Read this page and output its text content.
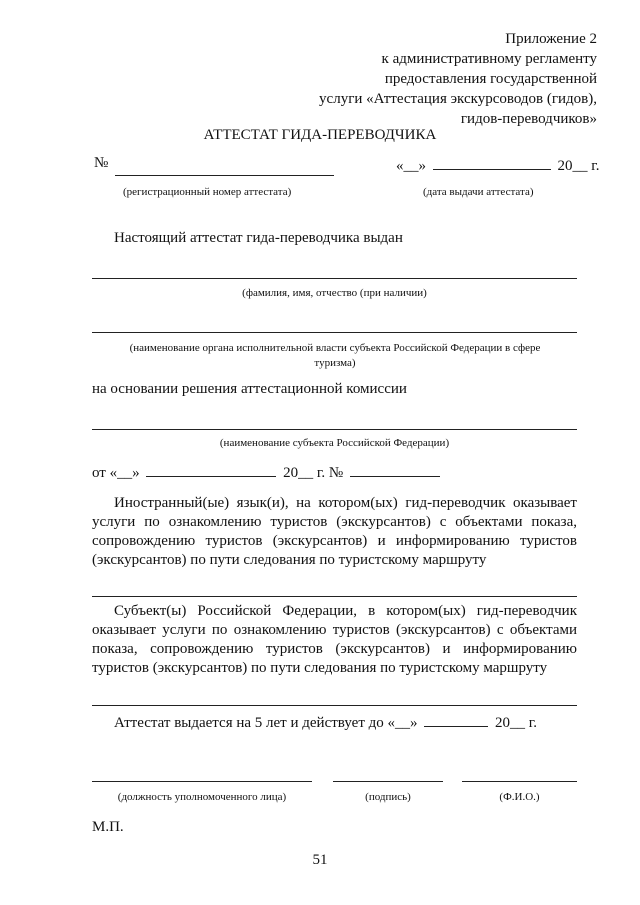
Приложение 2
к административному регламенту
предоставления государственной
услуги «Аттестация экскурсоводов (гидов),
гидов-переводчиков»
АТТЕСТАТ ГИДА-ПЕРЕВОДЧИКА
№	«__»	20__ г.
(регистрационный номер аттестата)	(дата выдачи аттестата)
Настоящий аттестат гида-переводчика выдан
(фамилия, имя, отчество (при наличии)
(наименование органа исполнительной власти субъекта Российской Федерации в сфере туризма)
на основании решения аттестационной комиссии
(наименование субъекта Российской Федерации)
от «__»	20__ г. №
Иностранный(ые) язык(и), на котором(ых) гид-переводчик оказывает услуги по ознакомлению туристов (экскурсантов) с объектами показа, сопровождению туристов (экскурсантов) и информированию туристов (экскурсантов) по пути следования по туристскому маршруту
Субъект(ы) Российской Федерации, в котором(ых) гид-переводчик оказывает услуги по ознакомлению туристов (экскурсантов) с объектами показа, сопровождению туристов (экскурсантов) и информированию туристов (экскурсантов) по пути следования по туристскому маршруту
Аттестат выдается на 5 лет и действует до «__»	20__ г.
(должность уполномоченного лица)	(подпись)	(Ф.И.О.)
М.П.
51
